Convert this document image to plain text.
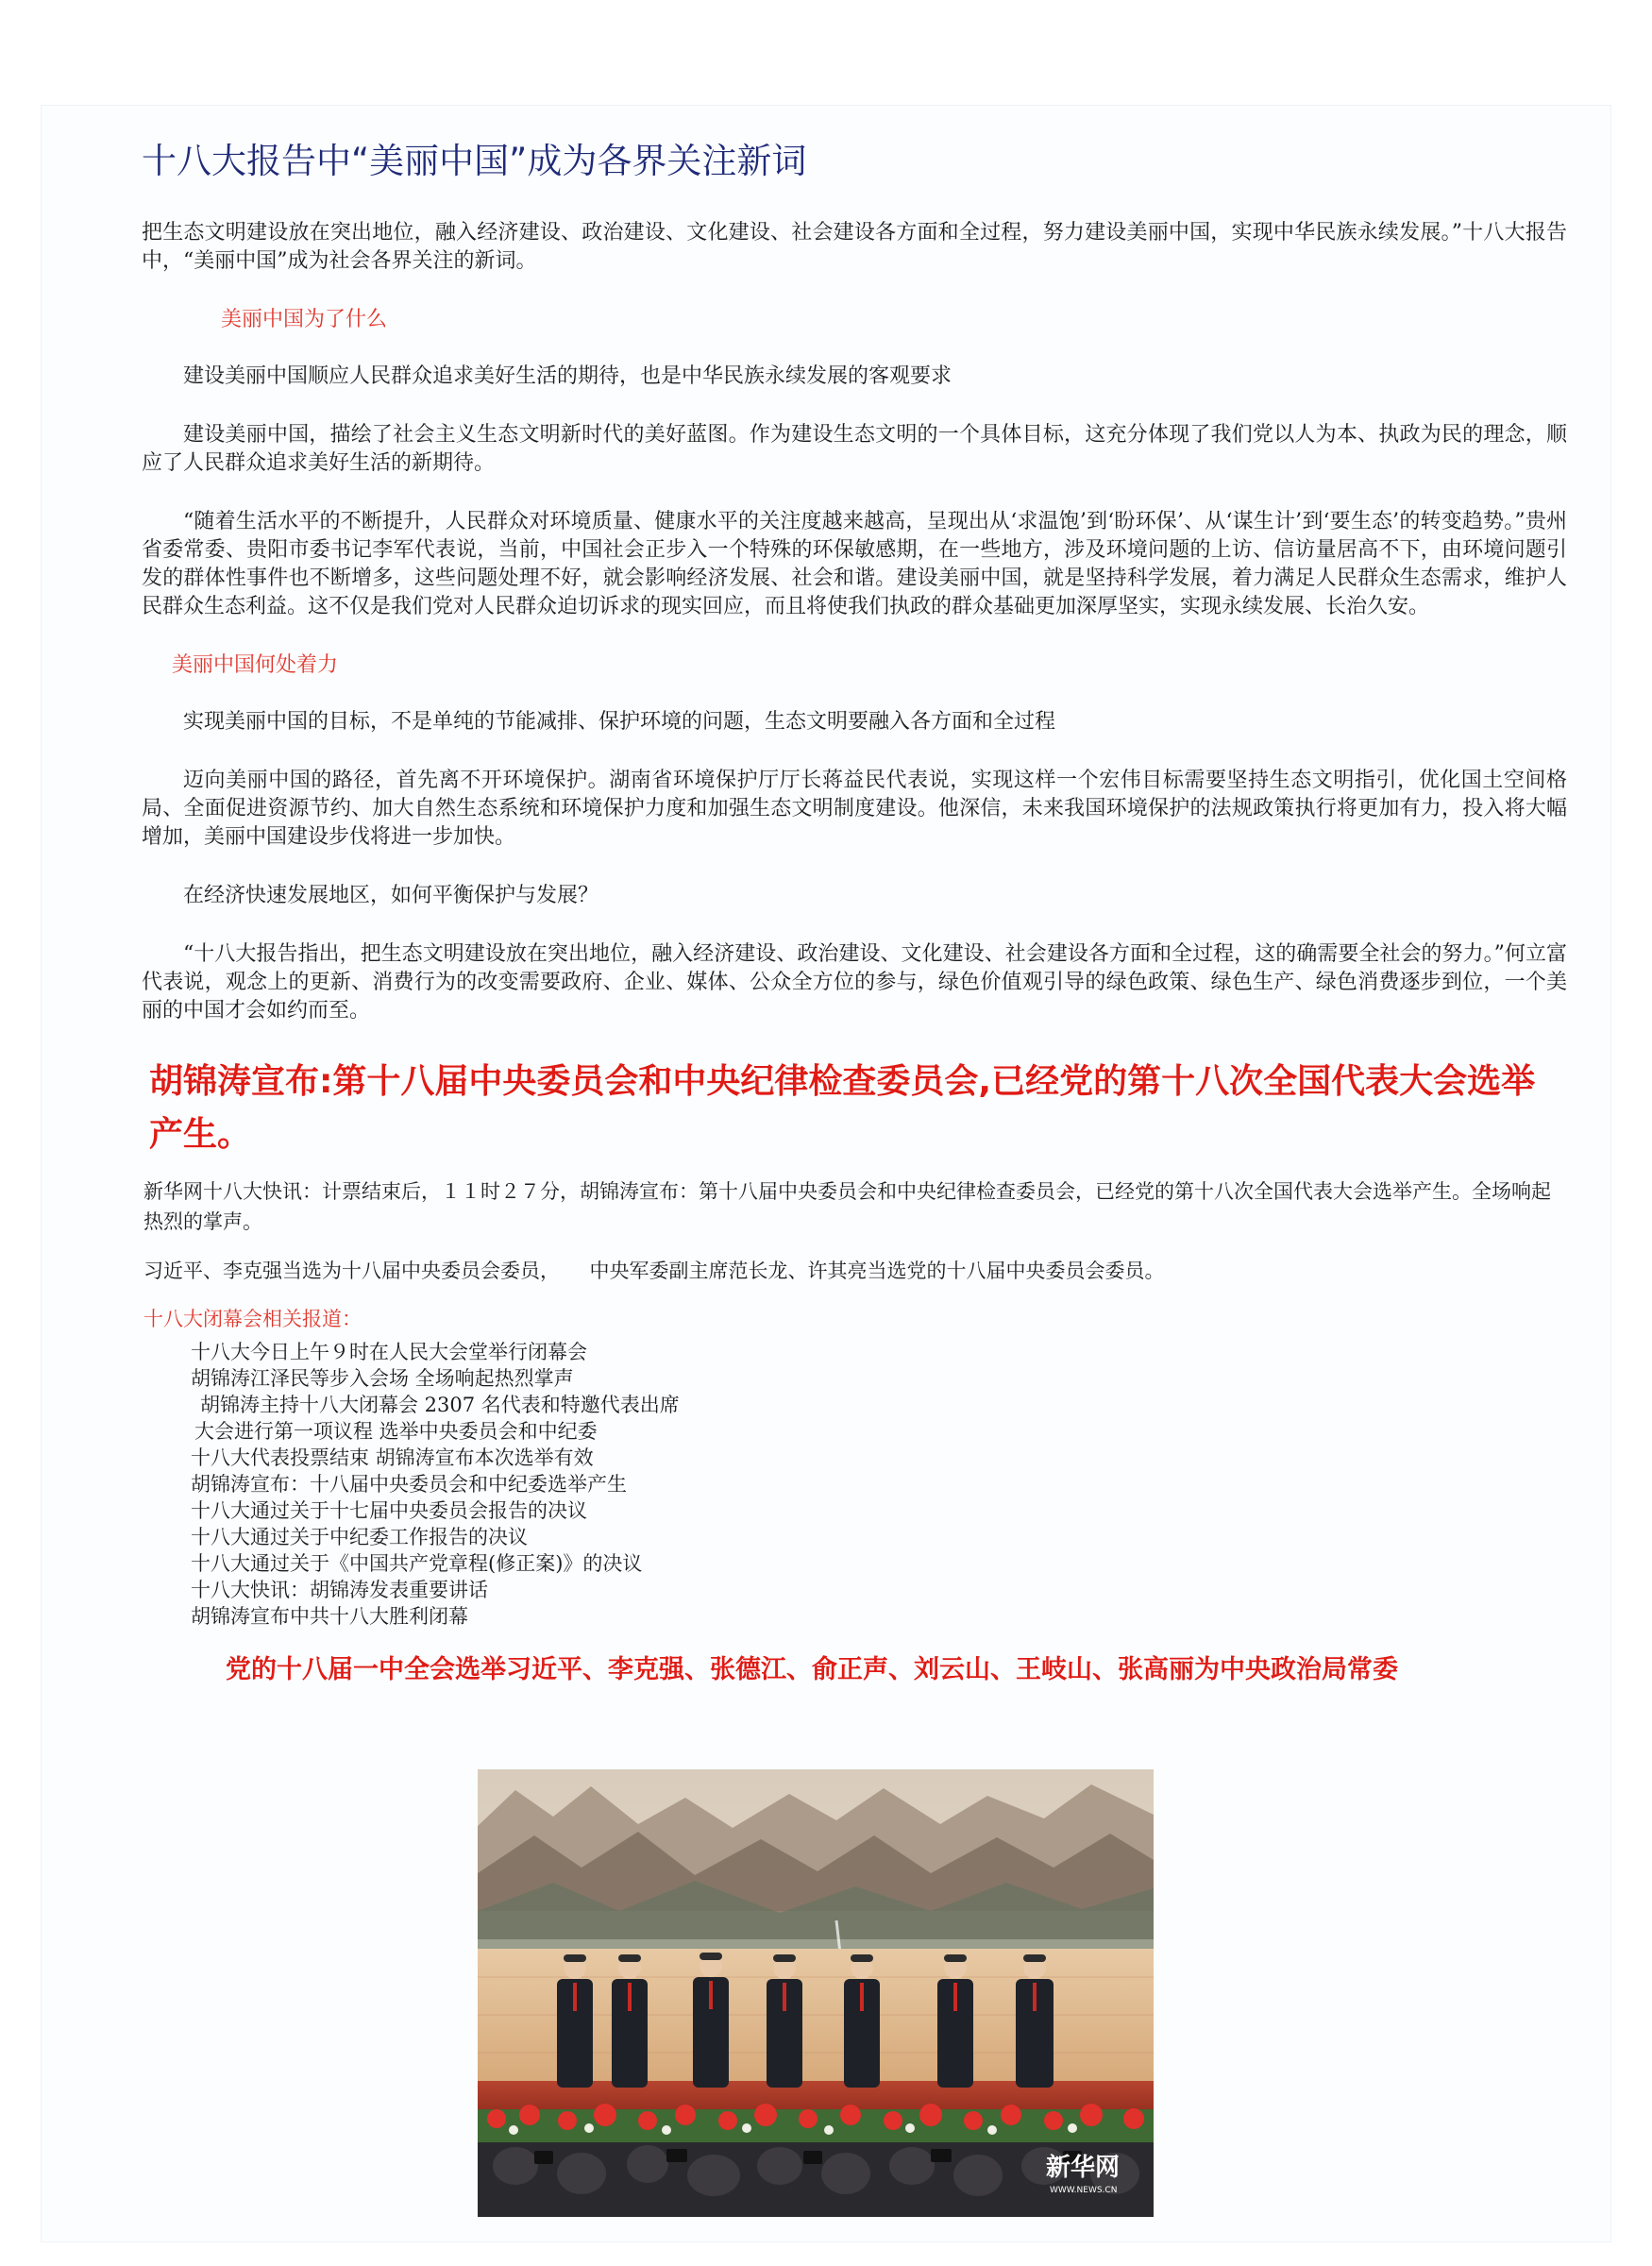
十八大报告中“美丽中国”成为各界关注新词

把生态文明建设放在突出地位，融入经济建设、政治建设、文化建设、社会建设各方面和全过程，努力建设美丽中国，实现中华民族永续发展。”十八大报告中，“美丽中国”成为社会各界关注的新词。

美丽中国为了什么

建设美丽中国顺应人民群众追求美好生活的期待，也是中华民族永续发展的客观要求

建设美丽中国，描绘了社会主义生态文明新时代的美好蓝图。作为建设生态文明的一个具体目标，这充分体现了我们党以人为本、执政为民的理念，顺应了人民群众追求美好生活的新期待。

“随着生活水平的不断提升，人民群众对环境质量、健康水平的关注度越来越高，呈现出从‘求温饱’到‘盼环保’、从‘谋生计’到‘要生态’的转变趋势。”贵州省委常委、贵阳市委书记李军代表说，当前，中国社会正步入一个特殊的环保敏感期，在一些地方，涉及环境问题的上访、信访量居高不下，由环境问题引发的群体性事件也不断增多，这些问题处理不好，就会影响经济发展、社会和谐。建设美丽中国，就是坚持科学发展，着力满足人民群众生态需求，维护人民群众生态利益。这不仅是我们党对人民群众迫切诉求的现实回应，而且将使我们执政的群众基础更加深厚坚实，实现永续发展、长治久安。

美丽中国何处着力

实现美丽中国的目标，不是单纯的节能减排、保护环境的问题，生态文明要融入各方面和全过程

迈向美丽中国的路径，首先离不开环境保护。湖南省环境保护厅厅长蒋益民代表说，实现这样一个宏伟目标需要坚持生态文明指引，优化国土空间格局、全面促进资源节约、加大自然生态系统和环境保护力度和加强生态文明制度建设。他深信，未来我国环境保护的法规政策执行将更加有力，投入将大幅增加，美丽中国建设步伐将进一步加快。

在经济快速发展地区，如何平衡保护与发展？

“十八大报告指出，把生态文明建设放在突出地位，融入经济建设、政治建设、文化建设、社会建设各方面和全过程，这的确需要全社会的努力。”何立富代表说，观念上的更新、消费行为的改变需要政府、企业、媒体、公众全方位的参与，绿色价值观引导的绿色政策、绿色生产、绿色消费逐步到位，一个美丽的中国才会如约而至。

胡锦涛宣布:第十八届中央委员会和中央纪律检查委员会,已经党的第十八次全国代表大会选举产生。

新华网十八大快讯：计票结束后，１１时２７分，胡锦涛宣布：第十八届中央委员会和中央纪律检查委员会，已经党的第十八次全国代表大会选举产生。全场响起热烈的掌声。

习近平、李克强当选为十八届中央委员会委员，　　中央军委副主席范长龙、许其亮当选党的十八届中央委员会委员。

十八大闭幕会相关报道：

十八大今日上午９时在人民大会堂举行闭幕会
胡锦涛江泽民等步入会场 全场响起热烈掌声
胡锦涛主持十八大闭幕会 2307 名代表和特邀代表出席
大会进行第一项议程 选举中央委员会和中纪委
十八大代表投票结束 胡锦涛宣布本次选举有效
胡锦涛宣布：十八届中央委员会和中纪委选举产生
十八大通过关于十七届中央委员会报告的决议
十八大通过关于中纪委工作报告的决议
十八大通过关于《中国共产党章程(修正案)》的决议
十八大快讯：胡锦涛发表重要讲话
胡锦涛宣布中共十八大胜利闭幕

党的十八届一中全会选举习近平、李克强、张德江、俞正声、刘云山、王岐山、张高丽为中央政治局常委

新华网
WWW.NEWS.CN
